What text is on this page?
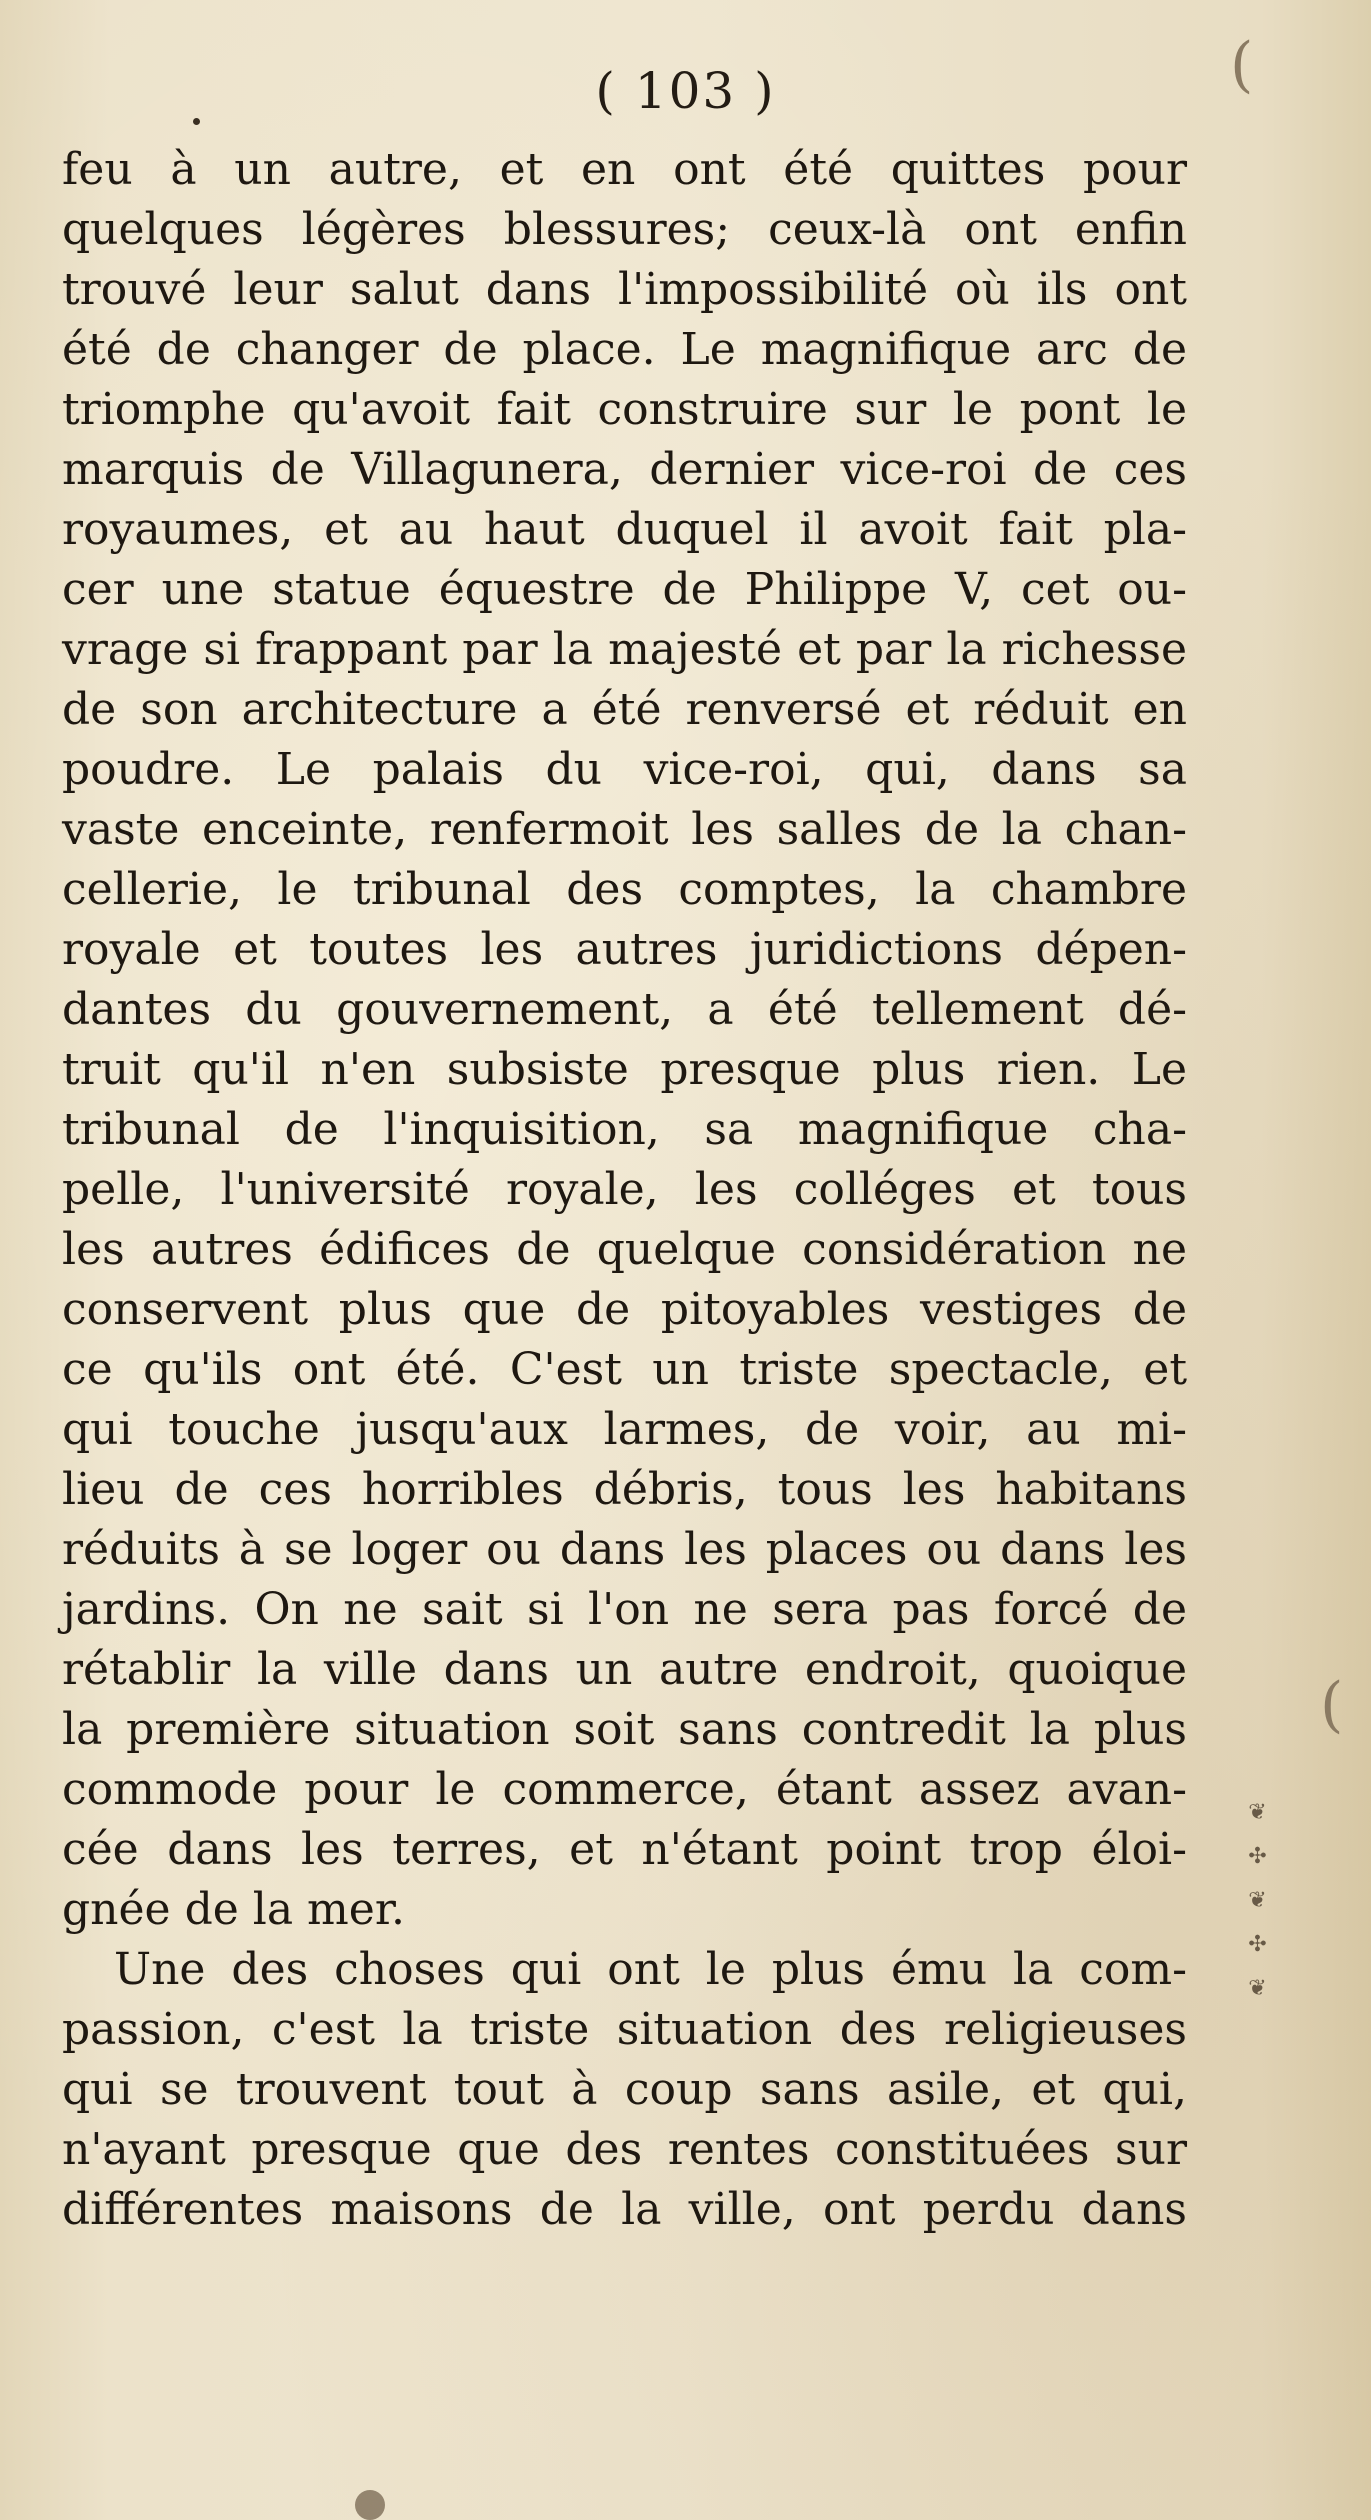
( 103 )	(
(
feu à un autre, et en ont été quittes pour
quelques légères blessures; ceux-là ont enfin
trouvé leur salut dans l'impossibilité où ils ont
été de changer de place. Le magnifique arc de
triomphe qu'avoit fait construire sur le pont le
marquis de Villagunera, dernier vice-roi de ces
royaumes, et au haut duquel il avoit fait pla-
cer une statue équestre de Philippe V, cet ou-
vrage si frappant par la majesté et par la richesse
de son architecture a été renversé et réduit en
poudre. Le palais du vice-roi, qui, dans sa
vaste enceinte, renfermoit les salles de la chan-
cellerie, le tribunal des comptes, la chambre
royale et toutes les autres juridictions dépen-
dantes du gouvernement, a été tellement dé-
truit qu'il n'en subsiste presque plus rien. Le
tribunal de l'inquisition, sa magnifique cha-
pelle, l'université royale, les colléges et tous
les autres édifices de quelque considération ne
conservent plus que de pitoyables vestiges de
ce qu'ils ont été. C'est un triste spectacle, et
qui touche jusqu'aux larmes, de voir, au mi-
lieu de ces horribles débris, tous les habitans
réduits à se loger ou dans les places ou dans les
jardins. On ne sait si l'on ne sera pas forcé de
rétablir la ville dans un autre endroit, quoique
la première situation soit sans contredit la plus
commode pour le commerce, étant assez avan-
cée dans les terres, et n'étant point trop éloi-
gnée de la mer.
Une des choses qui ont le plus ému la com-
passion, c'est la triste situation des religieuses
qui se trouvent tout à coup sans asile, et qui,
n'ayant presque que des rentes constituées sur
différentes maisons de la ville, ont perdu dans
❦ ✣ ❦ ✣ ❦
